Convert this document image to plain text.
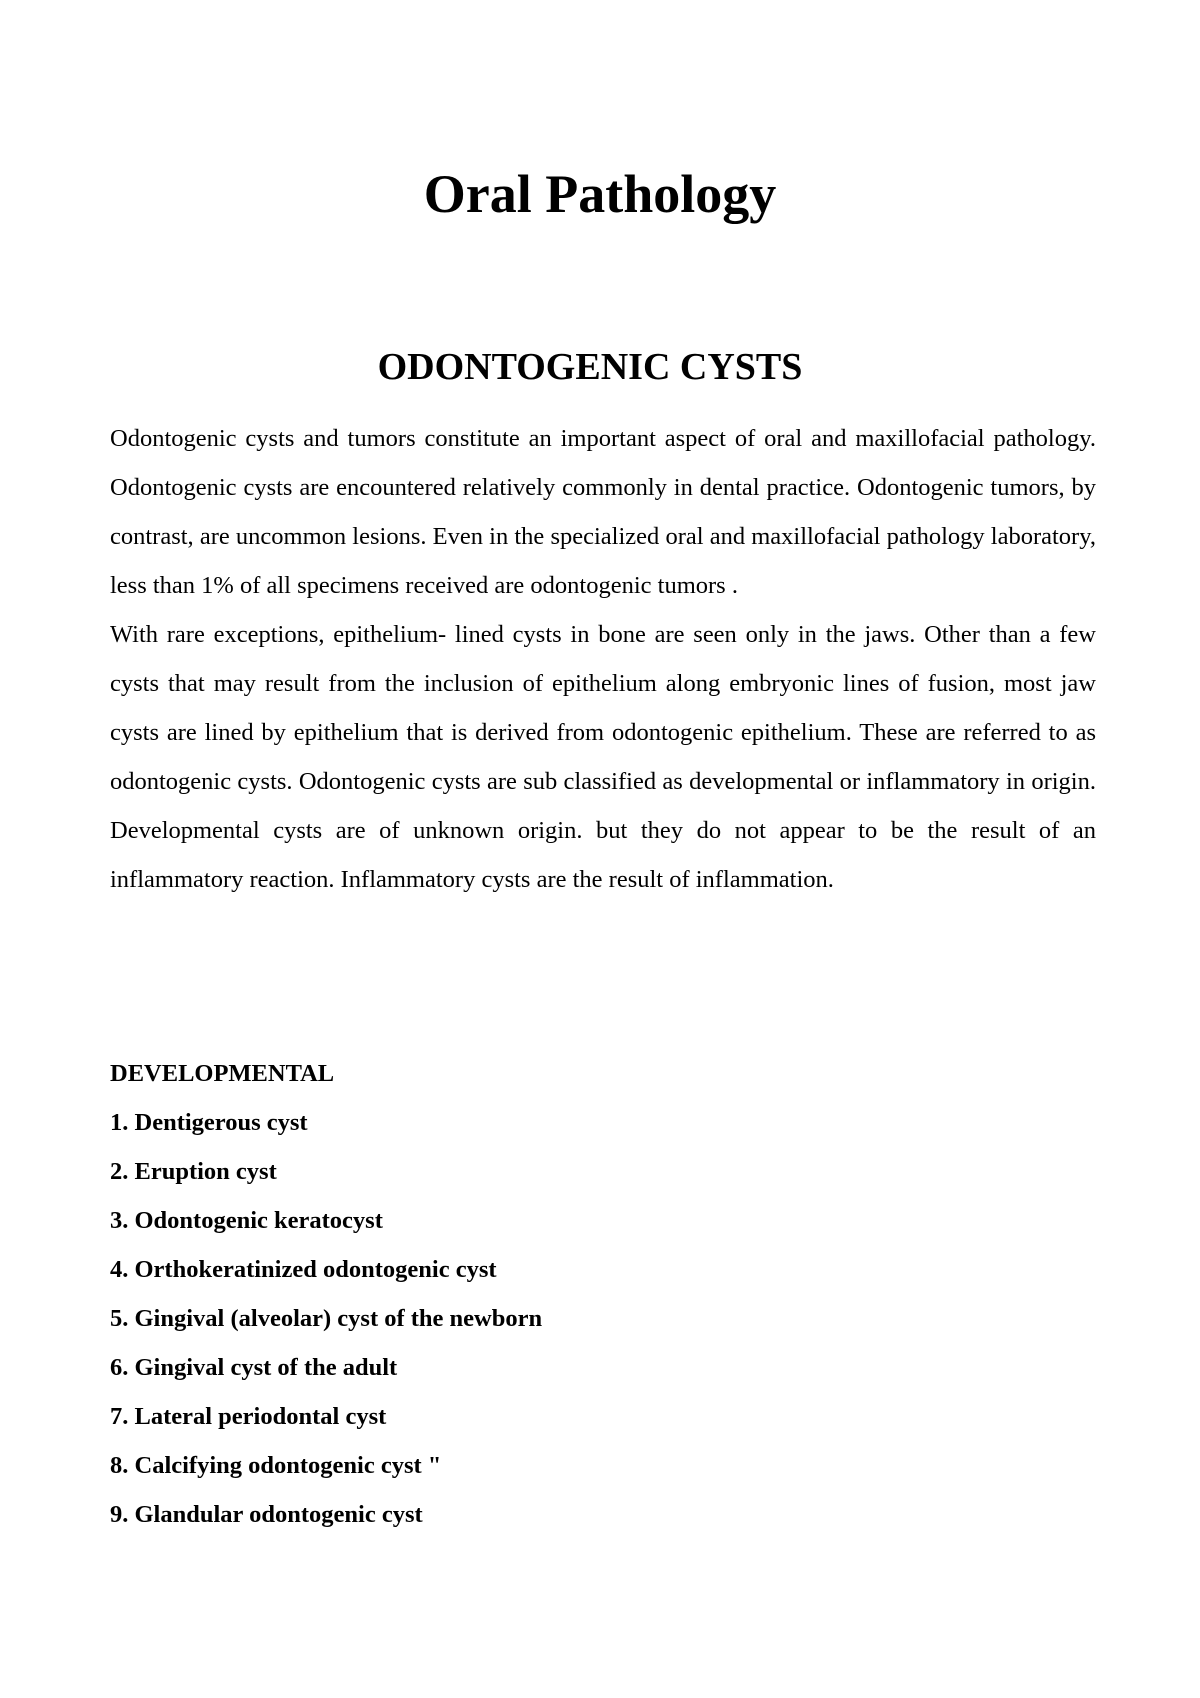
Oral Pathology
ODONTOGENIC CYSTS

Odontogenic cysts and tumors constitute an important aspect of oral and maxillofacial pathology. Odontogenic cysts are encountered relatively commonly in dental practice. Odontogenic tumors, by contrast, are uncommon lesions. Even in the specialized oral and maxillofacial pathology laboratory, less than 1% of all specimens received are odontogenic tumors .

With rare exceptions, epithelium- lined cysts in bone are seen only in the jaws. Other than a few cysts that may result from the inclusion of epithelium along embryonic lines of fusion, most jaw cysts are lined by epithelium that is derived from odontogenic epithelium. These are referred to as odontogenic cysts. Odontogenic cysts are sub classified as developmental or inflammatory in origin. Developmental cysts are of unknown origin. but they do not appear to be the result of an inflammatory reaction. Inflammatory cysts are the result of inflammation.

DEVELOPMENTAL
1. Dentigerous cyst
2. Eruption cyst
3. Odontogenic keratocyst
4. Orthokeratinized odontogenic cyst
5. Gingival (alveolar) cyst of the newborn
6. Gingival cyst of the adult
7. Lateral periodontal cyst
8. Calcifying odontogenic cyst "
9. Glandular odontogenic cyst
